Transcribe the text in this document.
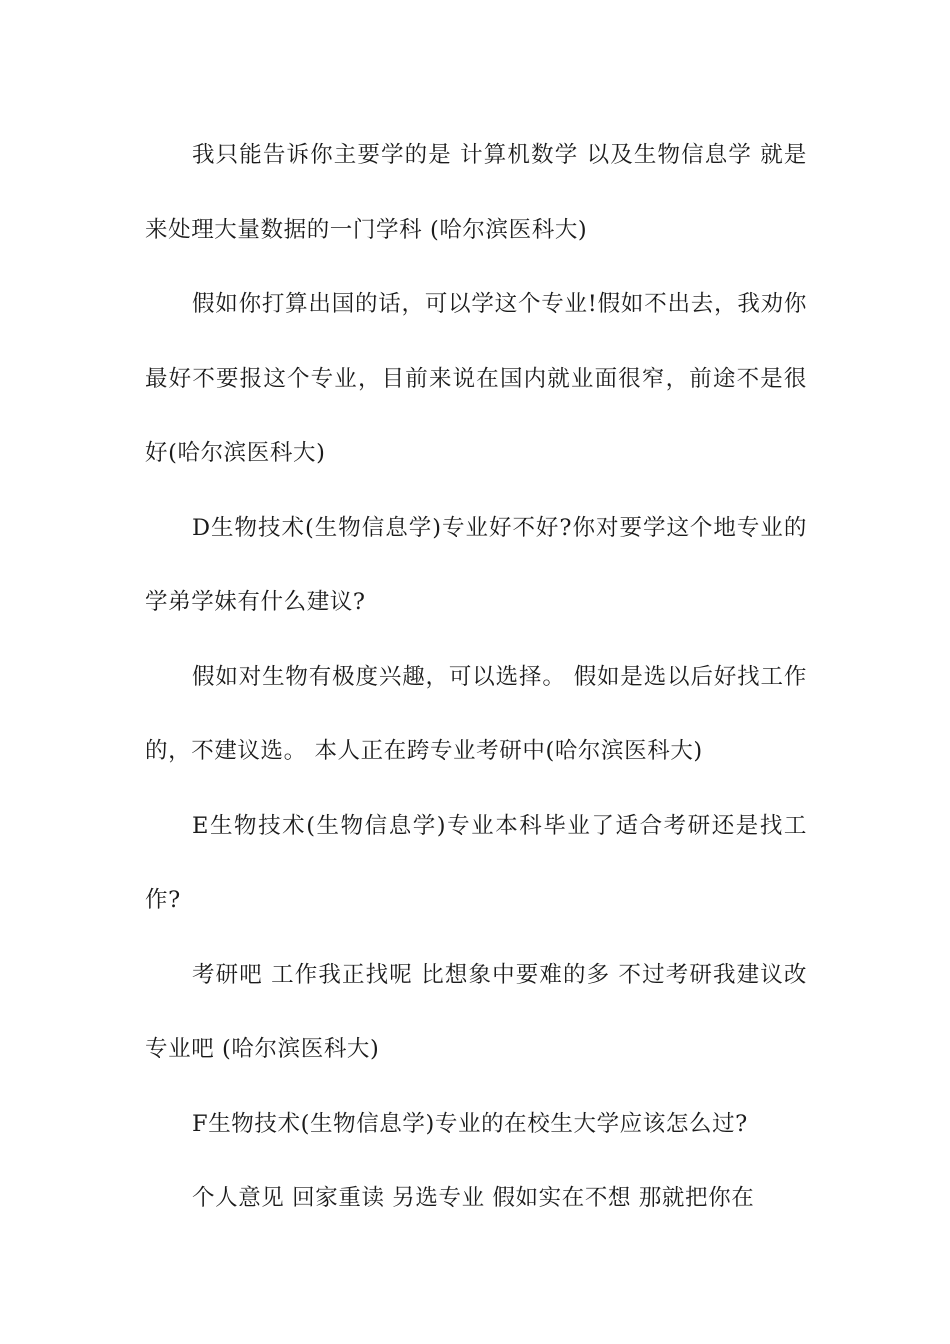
我只能告诉你主要学的是 计算机数学 以及生物信息学 就是来处理大量数据的一门学科 (哈尔滨医科大)

假如你打算出国的话，可以学这个专业!假如不出去，我劝你最好不要报这个专业，目前来说在国内就业面很窄，前途不是很好(哈尔滨医科大)

D生物技术(生物信息学)专业好不好?你对要学这个地专业的学弟学妹有什么建议?

假如对生物有极度兴趣，可以选择。 假如是选以后好找工作的，不建议选。 本人正在跨专业考研中(哈尔滨医科大)

E生物技术(生物信息学)专业本科毕业了适合考研还是找工作?

考研吧 工作我正找呢 比想象中要难的多 不过考研我建议改专业吧 (哈尔滨医科大)

F生物技术(生物信息学)专业的在校生大学应该怎么过?

个人意见 回家重读 另选专业 假如实在不想 那就把你在
